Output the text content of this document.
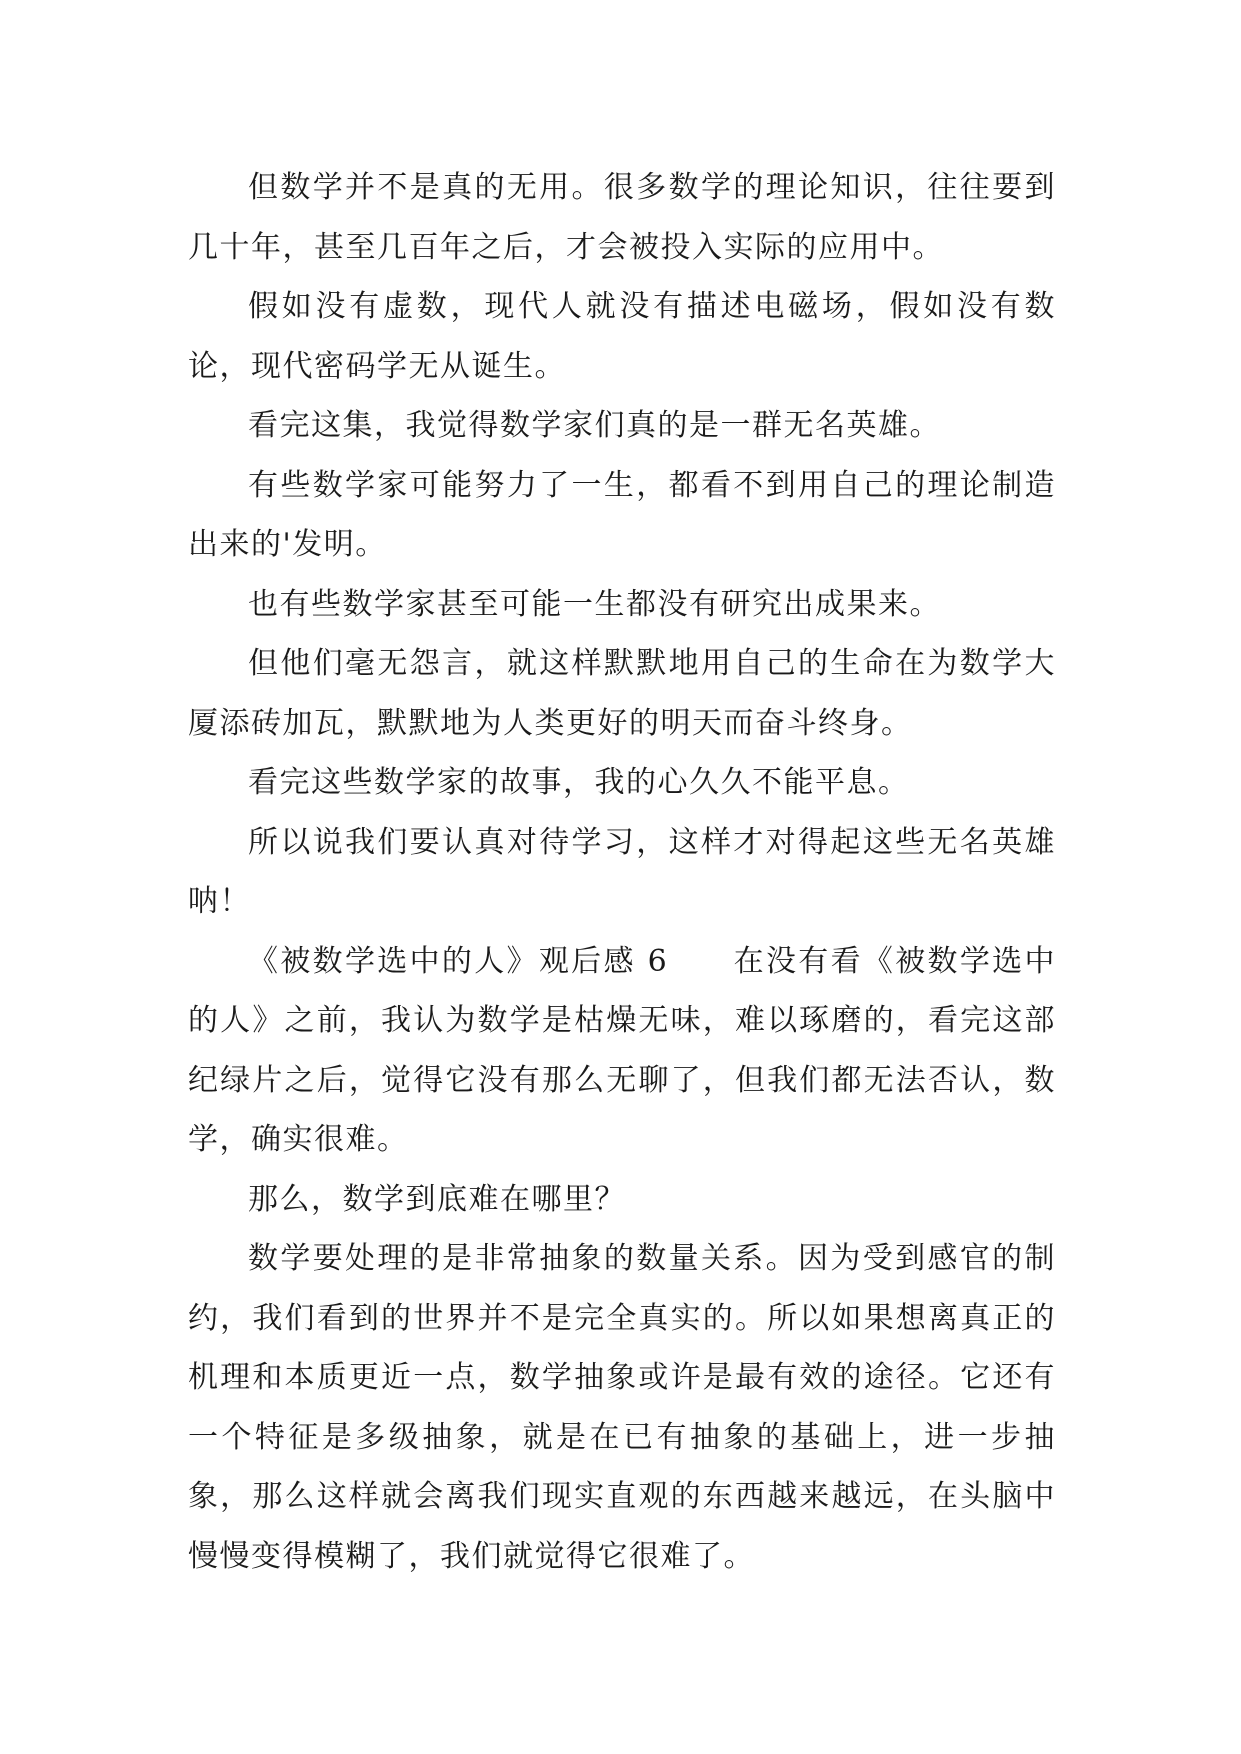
但数学并不是真的无用。很多数学的理论知识，往往要到几十年，甚至几百年之后，才会被投入实际的应用中。

假如没有虚数，现代人就没有描述电磁场，假如没有数论，现代密码学无从诞生。

看完这集，我觉得数学家们真的是一群无名英雄。

有些数学家可能努力了一生，都看不到用自己的理论制造出来的'发明。

也有些数学家甚至可能一生都没有研究出成果来。

但他们毫无怨言，就这样默默地用自己的生命在为数学大厦添砖加瓦，默默地为人类更好的明天而奋斗终身。

看完这些数学家的故事，我的心久久不能平息。

所以说我们要认真对待学习，这样才对得起这些无名英雄呐！

《被数学选中的人》观后感 6　　在没有看《被数学选中的人》之前，我认为数学是枯燥无味，难以琢磨的，看完这部纪绿片之后，觉得它没有那么无聊了，但我们都无法否认，数学，确实很难。

那么，数学到底难在哪里？

数学要处理的是非常抽象的数量关系。因为受到感官的制约，我们看到的世界并不是完全真实的。所以如果想离真正的机理和本质更近一点，数学抽象或许是最有效的途径。它还有一个特征是多级抽象，就是在已有抽象的基础上，进一步抽象，那么这样就会离我们现实直观的东西越来越远，在头脑中慢慢变得模糊了，我们就觉得它很难了。
